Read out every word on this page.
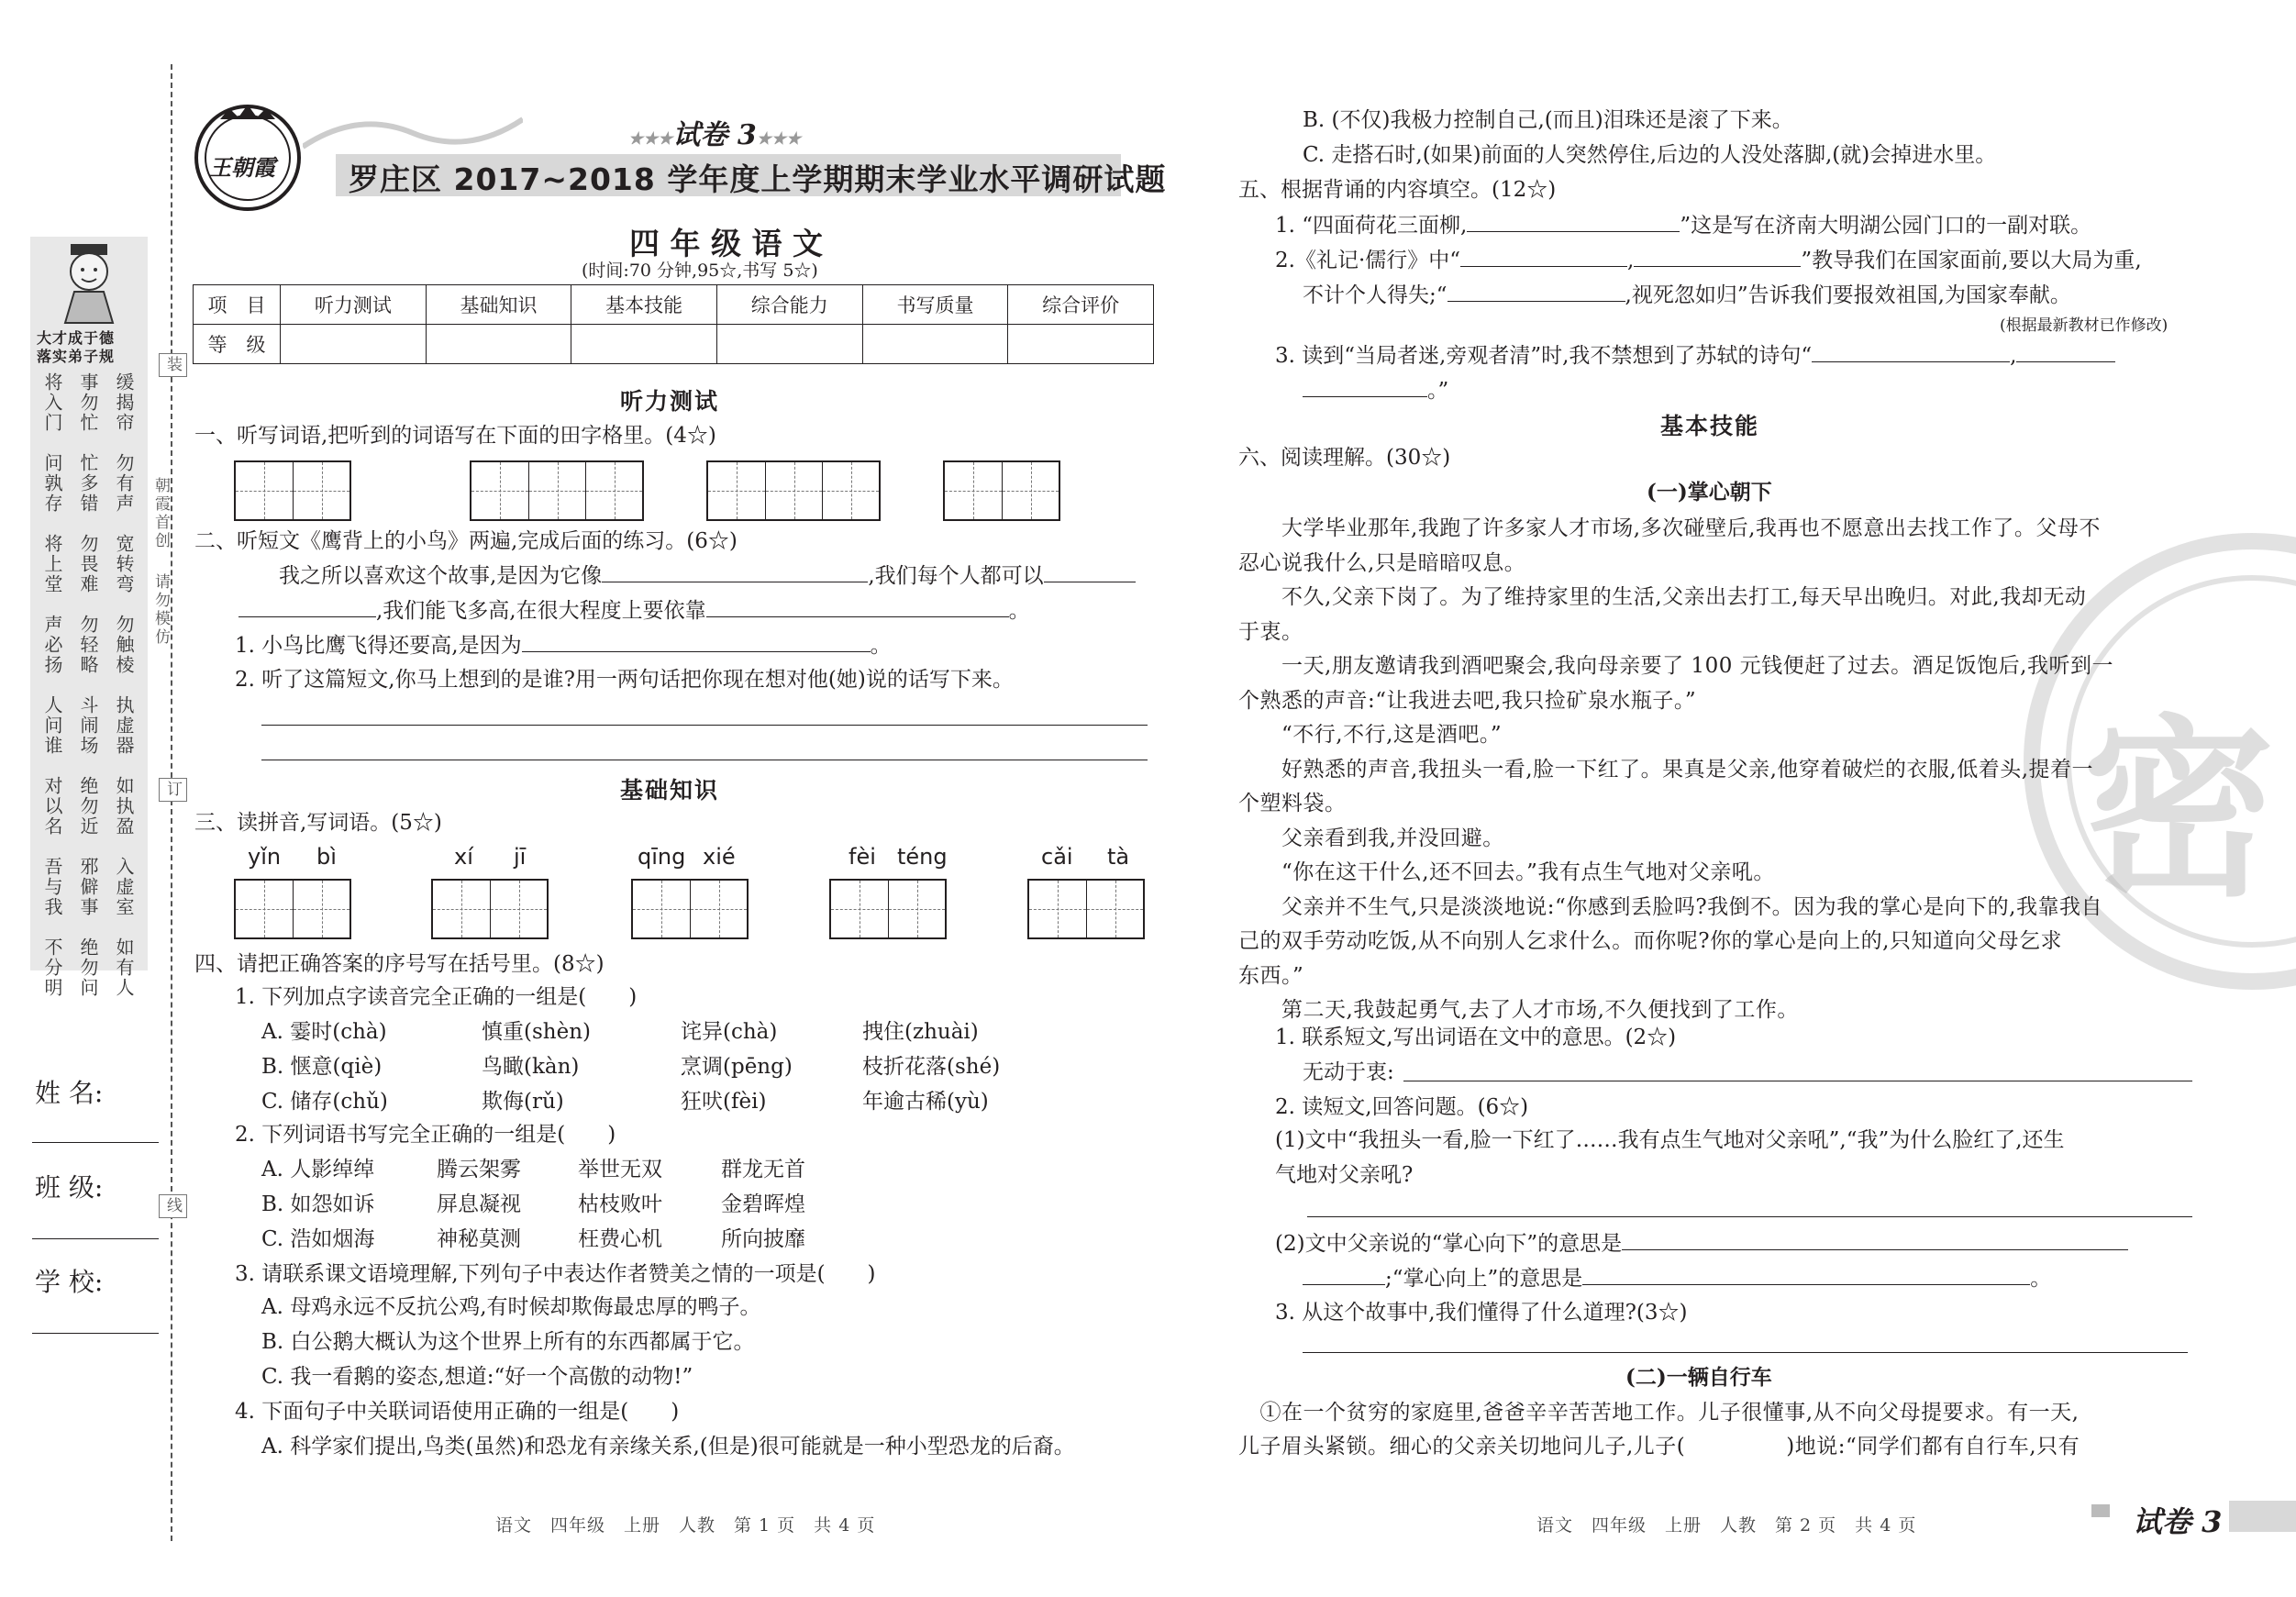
装
订
线
朝霞首创
请勿模仿
大才成于德
落实弟子规
将入门 事勿忙 缓揭帘
问孰存 忙多错 勿有声
将上堂 勿畏难 宽转弯
声必扬 勿轻略 勿触棱
人问谁 斗闹场 执虚器
对以名 绝勿近 如执盈
吾与我 邪僻事 入虚室
不分明 绝勿问 如有人
姓 名:
班 级:
学 校:
王朝霞
★★★试卷 3★★★
罗庄区 2017~2018 学年度上学期期末学业水平调研试题
四 年 级 语 文
(时间:70 分钟,95☆,书写 5☆)
项　目	听力测试	基础知识	基本技能	综合能力	书写质量	综合评价
等　级						
听力测试
一、听写词语,把听到的词语写在下面的田字格里。(4☆)
二、听短文《鹰背上的小鸟》两遍,完成后面的练习。(6☆)
我之所以喜欢这个故事,是因为它像	,我们每个人都可以
,我们能飞多高,在很大程度上要依靠	。
1. 小鸟比鹰飞得还要高,是因为	。
2. 听了这篇短文,你马上想到的是谁?用一两句话把你现在想对他(她)说的话写下来。
基础知识
三、读拼音,写词语。(5☆)
yǐn bì	xí jī	qīng xié	fèi téng	cǎi tà
四、请把正确答案的序号写在括号里。(8☆)
1. 下列加点字读音完全正确的一组是(　　)
A. 霎时(chà)	慎重(shèn)	诧异(chà)	拽住(zhuài)
B. 惬意(qiè)	鸟瞰(kàn)	烹调(pēng)	枝折花落(shé)
C. 储存(chǔ)	欺侮(rǔ)	狂吠(fèi)	年逾古稀(yù)
2. 下列词语书写完全正确的一组是(　　)
A. 人影绰绰	腾云架雾	举世无双	群龙无首
B. 如怨如诉	屏息凝视	枯枝败叶	金碧晖煌
C. 浩如烟海	神秘莫测	枉费心机	所向披靡
3. 请联系课文语境理解,下列句子中表达作者赞美之情的一项是(　　)
A. 母鸡永远不反抗公鸡,有时候却欺侮最忠厚的鸭子。
B. 白公鹅大概认为这个世界上所有的东西都属于它。
C. 我一看鹅的姿态,想道:“好一个高傲的动物!”
4. 下面句子中关联词语使用正确的一组是(　　)
A. 科学家们提出,鸟类(虽然)和恐龙有亲缘关系,(但是)很可能就是一种小型恐龙的后裔。
语文　四年级　上册　人教　第 1 页　共 4 页
密
B. (不仅)我极力控制自己,(而且)泪珠还是滚了下来。
C. 走搭石时,(如果)前面的人突然停住,后边的人没处落脚,(就)会掉进水里。
五、根据背诵的内容填空。(12☆)
1. “四面荷花三面柳,	”这是写在济南大明湖公园门口的一副对联。
2.《礼记·儒行》中“	,	”教导我们在国家面前,要以大局为重,
不计个人得失;“	,视死忽如归”告诉我们要报效祖国,为国家奉献。
(根据最新教材已作修改)
3. 读到“当局者迷,旁观者清”时,我不禁想到了苏轼的诗句“	,
。”
基本技能
六、阅读理解。(30☆)
(一)掌心朝下
　　大学毕业那年,我跑了许多家人才市场,多次碰壁后,我再也不愿意出去找工作了。父母不
忍心说我什么,只是暗暗叹息。
　　不久,父亲下岗了。为了维持家里的生活,父亲出去打工,每天早出晚归。对此,我却无动
于衷。
　　一天,朋友邀请我到酒吧聚会,我向母亲要了 100 元钱便赶了过去。酒足饭饱后,我听到一
个熟悉的声音:“让我进去吧,我只捡矿泉水瓶子。”
　　“不行,不行,这是酒吧。”
　　好熟悉的声音,我扭头一看,脸一下红了。果真是父亲,他穿着破烂的衣服,低着头,提着一
个塑料袋。
　　父亲看到我,并没回避。
　　“你在这干什么,还不回去。”我有点生气地对父亲吼。
　　父亲并不生气,只是淡淡地说:“你感到丢脸吗?我倒不。因为我的掌心是向下的,我靠我自
己的双手劳动吃饭,从不向别人乞求什么。而你呢?你的掌心是向上的,只知道向父母乞求
东西。”
　　第二天,我鼓起勇气,去了人才市场,不久便找到了工作。
1. 联系短文,写出词语在文中的意思。(2☆)
无动于衷:
2. 读短文,回答问题。(6☆)
(1)文中“我扭头一看,脸一下红了……我有点生气地对父亲吼”,“我”为什么脸红了,还生
气地对父亲吼?
(2)文中父亲说的“掌心向下”的意思是
;“掌心向上”的意思是	。
3. 从这个故事中,我们懂得了什么道理?(3☆)
(二)一辆自行车
　①在一个贫穷的家庭里,爸爸辛辛苦苦地工作。儿子很懂事,从不向父母提要求。有一天,
儿子眉头紧锁。细心的父亲关切地问儿子,儿子(	)地说:“同学们都有自行车,只有
语文　四年级　上册　人教　第 2 页　共 4 页	试卷 3
